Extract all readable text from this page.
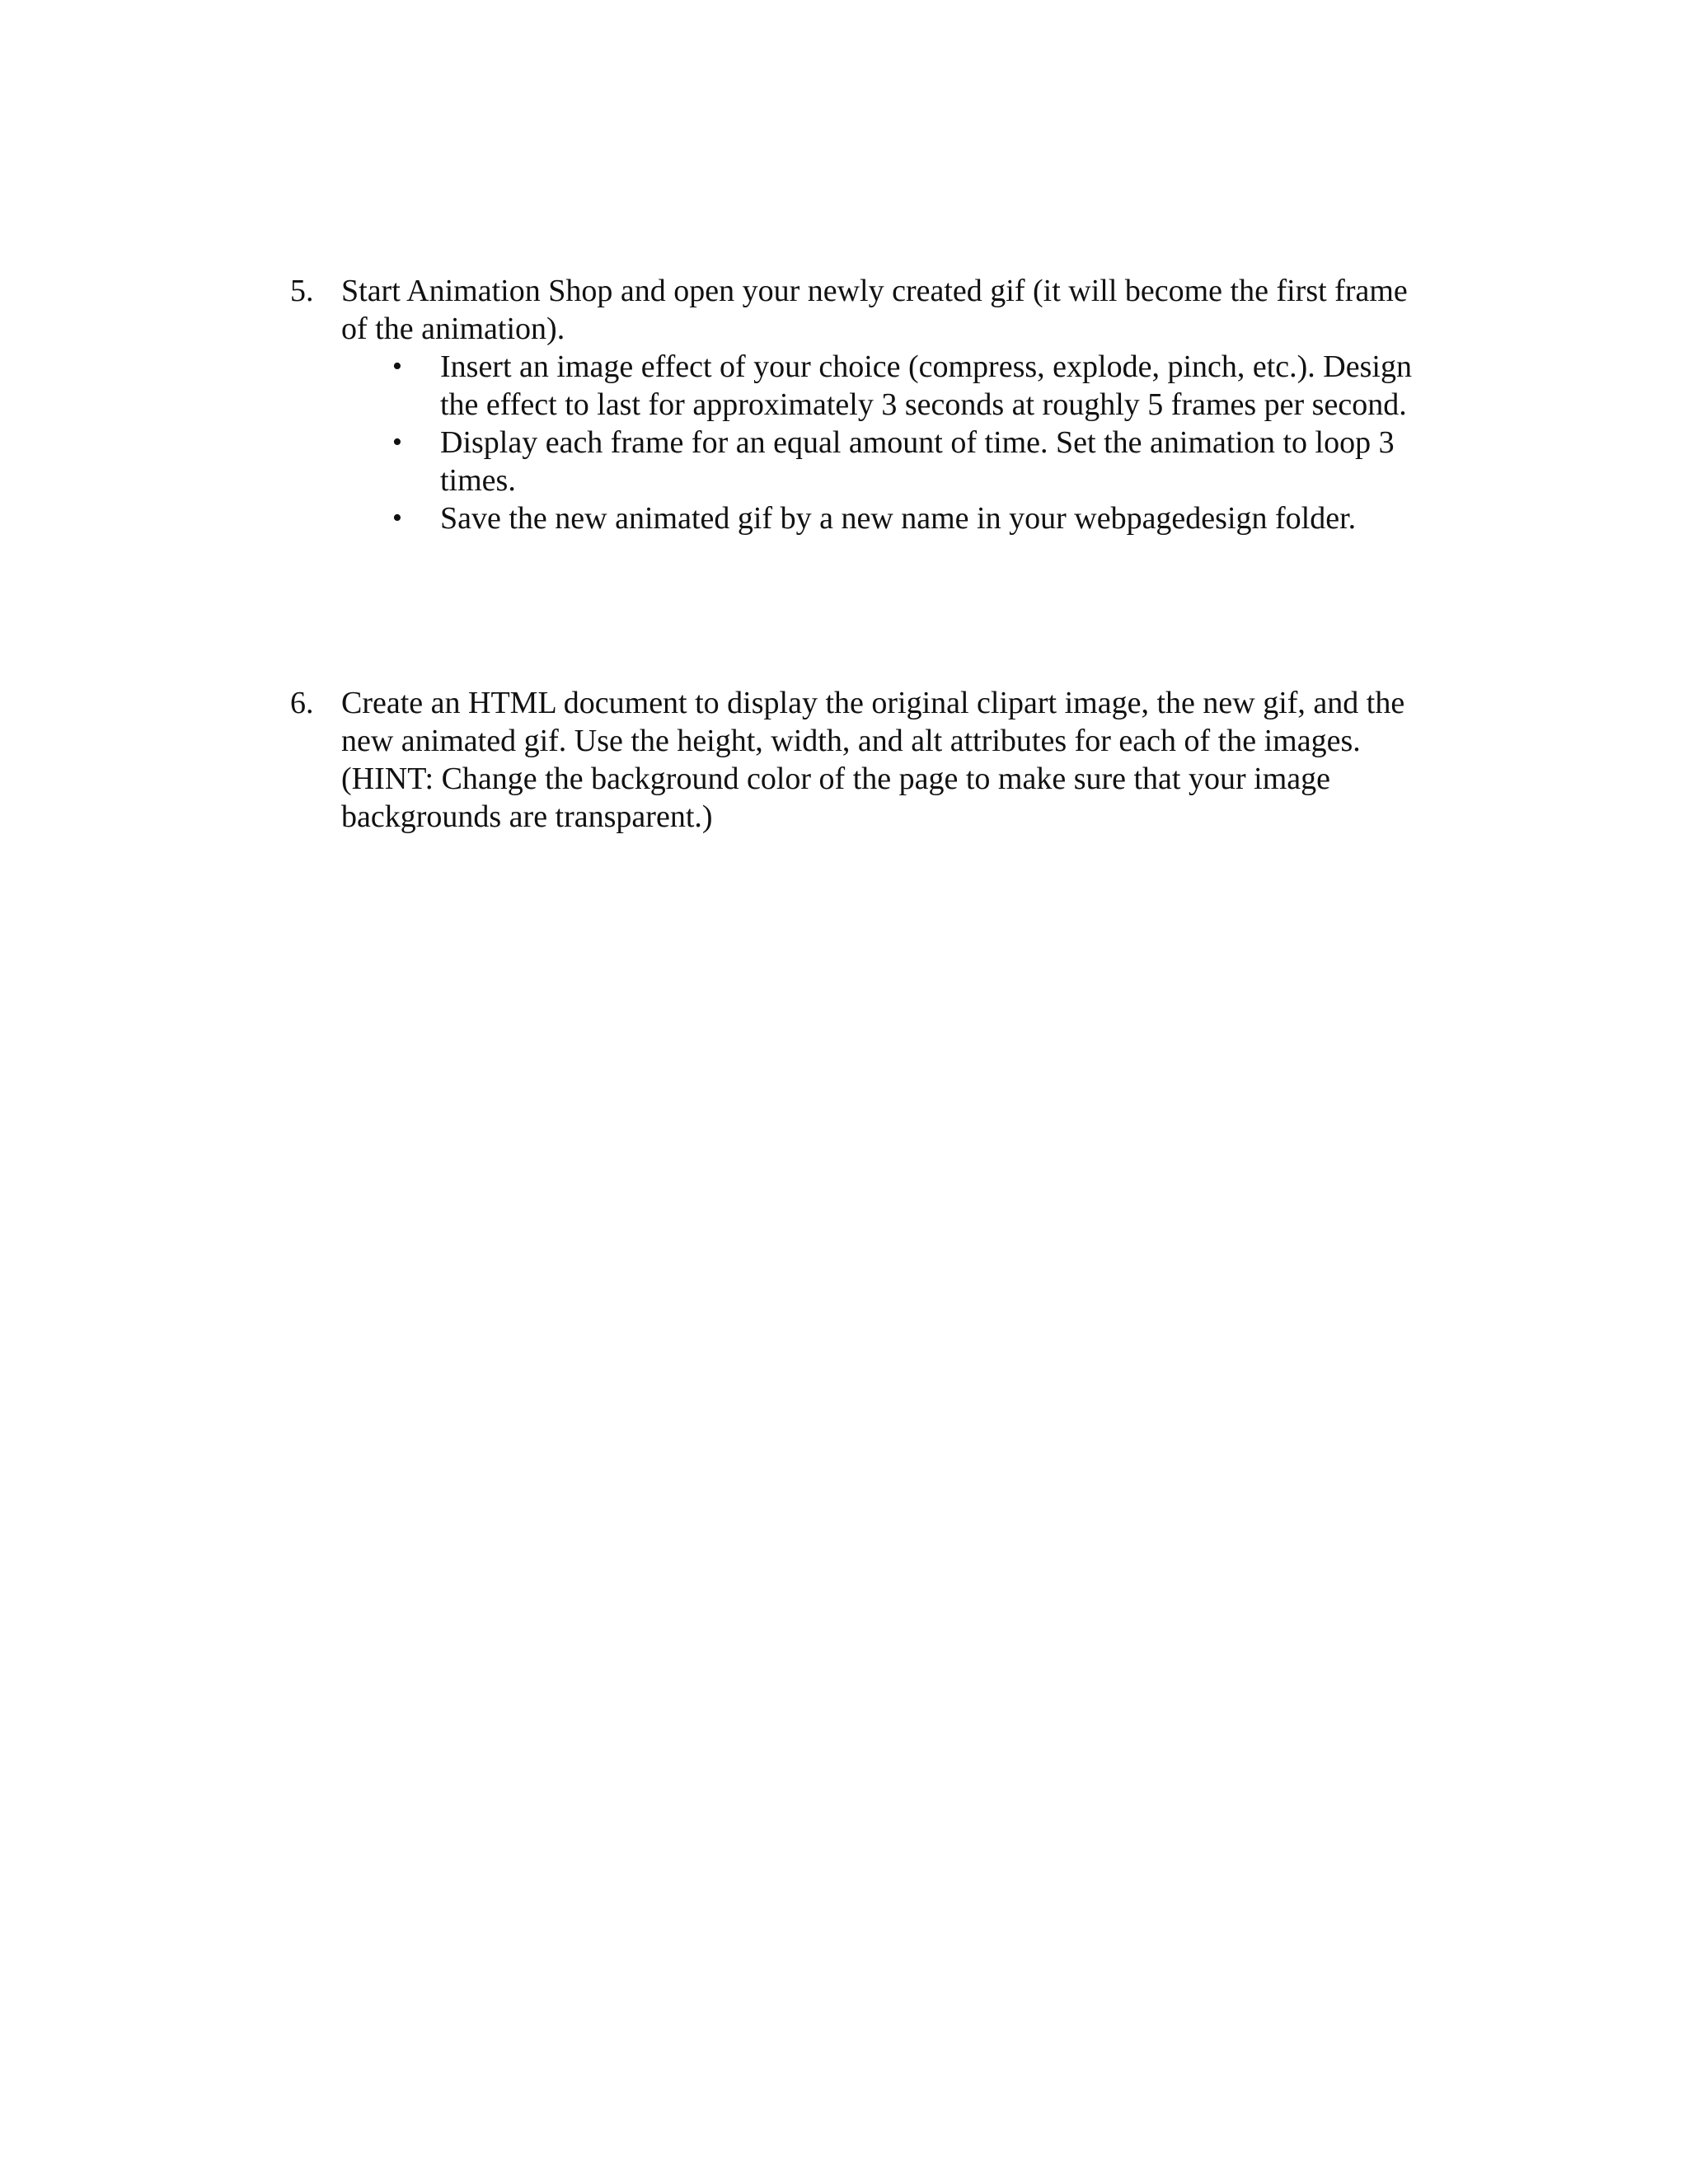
5. Start Animation Shop and open your newly created gif (it will become the first frame of the animation).
• Insert an image effect of your choice (compress, explode, pinch, etc.). Design the effect to last for approximately 3 seconds at roughly 5 frames per second.
• Display each frame for an equal amount of time. Set the animation to loop 3 times.
• Save the new animated gif by a new name in your webpagedesign folder.
6. Create an HTML document to display the original clipart image, the new gif, and the new animated gif. Use the height, width, and alt attributes for each of the images. (HINT: Change the background color of the page to make sure that your image backgrounds are transparent.)
